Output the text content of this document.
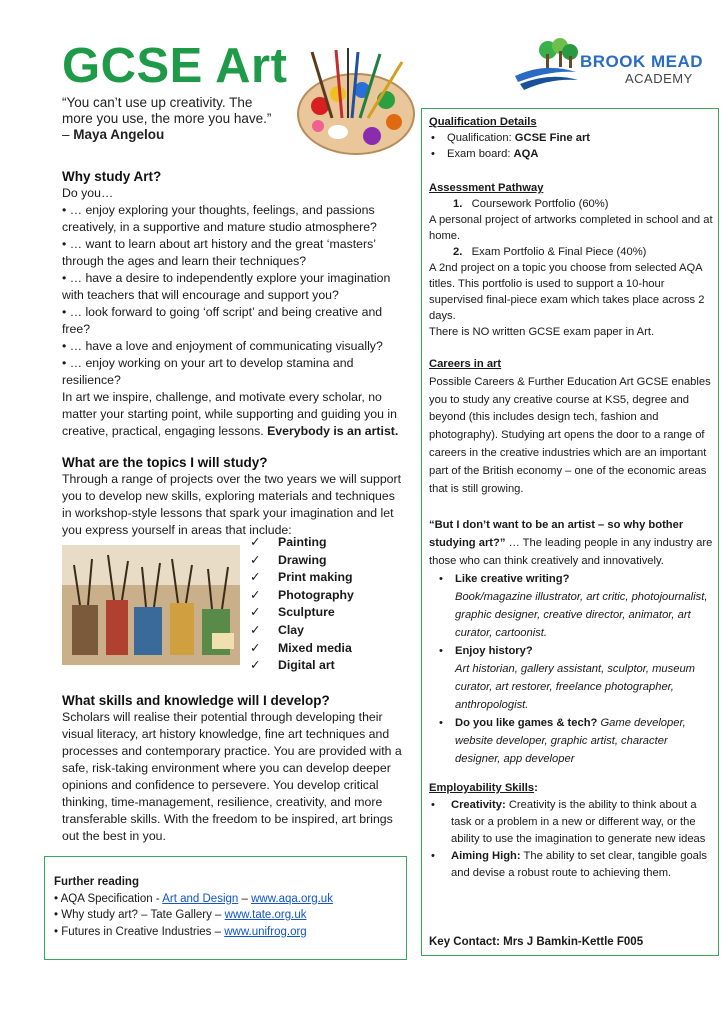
GCSE Art
“You can’t use up creativity. The more you use, the more you have.” – Maya Angelou
BROOK MEAD
ACADEMY

Why study Art?

Do you…

• … enjoy exploring your thoughts, feelings, and passions creatively, in a supportive and mature studio atmosphere?

• … want to learn about art history and the great ‘masters’ through the ages and learn their techniques?

• … have a desire to independently explore your imagination with teachers that will encourage and support you?

• … look forward to going ‘off script’ and being creative and free?

• … have a love and enjoyment of communicating visually?

• … enjoy working on your art to develop stamina and resilience?

In art we inspire, challenge, and motivate every scholar, no matter your starting point, while supporting and guiding you in creative, practical, engaging lessons. Everybody is an artist.

What are the topics I will study?

Through a range of projects over the two years we will support you to develop new skills, exploring materials and techniques in workshop-style lessons that spark your imagination and let you express yourself in areas that include:

✓ Painting
✓ Drawing
✓ Print making
✓ Photography
✓ Sculpture
✓ Clay
✓ Mixed media
✓ Digital art

What skills and knowledge will I develop?

Scholars will realise their potential through developing their visual literacy, art history knowledge, fine art techniques and processes and contemporary practice. You are provided with a safe, risk-taking environment where you can develop deeper opinions and confidence to persevere. You develop critical thinking, time-management, resilience, creativity, and more transferable skills. With the freedom to be inspired, art brings out the best in you.

Further reading

• AQA Specification - Art and Design – www.aqa.org.uk

• Why study art? – Tate Gallery – www.tate.org.uk

• Futures in Creative Industries – www.unifrog.org

Qualification Details

• Qualification: GCSE Fine art

• Exam board: AQA

Assessment Pathway

1. Coursework Portfolio (60%)

A personal project of artworks completed in school and at home.

2. Exam Portfolio & Final Piece (40%)

A 2nd project on a topic you choose from selected AQA titles. This portfolio is used to support a 10-hour supervised final-piece exam which takes place across 2 days.

There is NO written GCSE exam paper in Art.

Careers in art

Possible Careers & Further Education Art GCSE enables you to study any creative course at KS5, degree and beyond (this includes design tech, fashion and photography). Studying art opens the door to a range of careers in the creative industries which are an important part of the British economy – one of the economic areas that is still growing.

“But I don’t want to be an artist – so why bother studying art?” … The leading people in any industry are those who can think creatively and innovatively.

• Like creative writing?
Book/magazine illustrator, art critic, photojournalist, graphic designer, creative director, animator, art curator, cartoonist.

• Enjoy history?
Art historian, gallery assistant, sculptor, museum curator, art restorer, freelance photographer, anthropologist.

• Do you like games & tech? Game developer, website developer, graphic artist, character designer, app developer

Employability Skills:

• Creativity: Creativity is the ability to think about a task or a problem in a new or different way, or the ability to use the imagination to generate new ideas

• Aiming High: The ability to set clear, tangible goals and devise a robust route to achieving them.

Key Contact: Mrs J Bamkin-Kettle F005
